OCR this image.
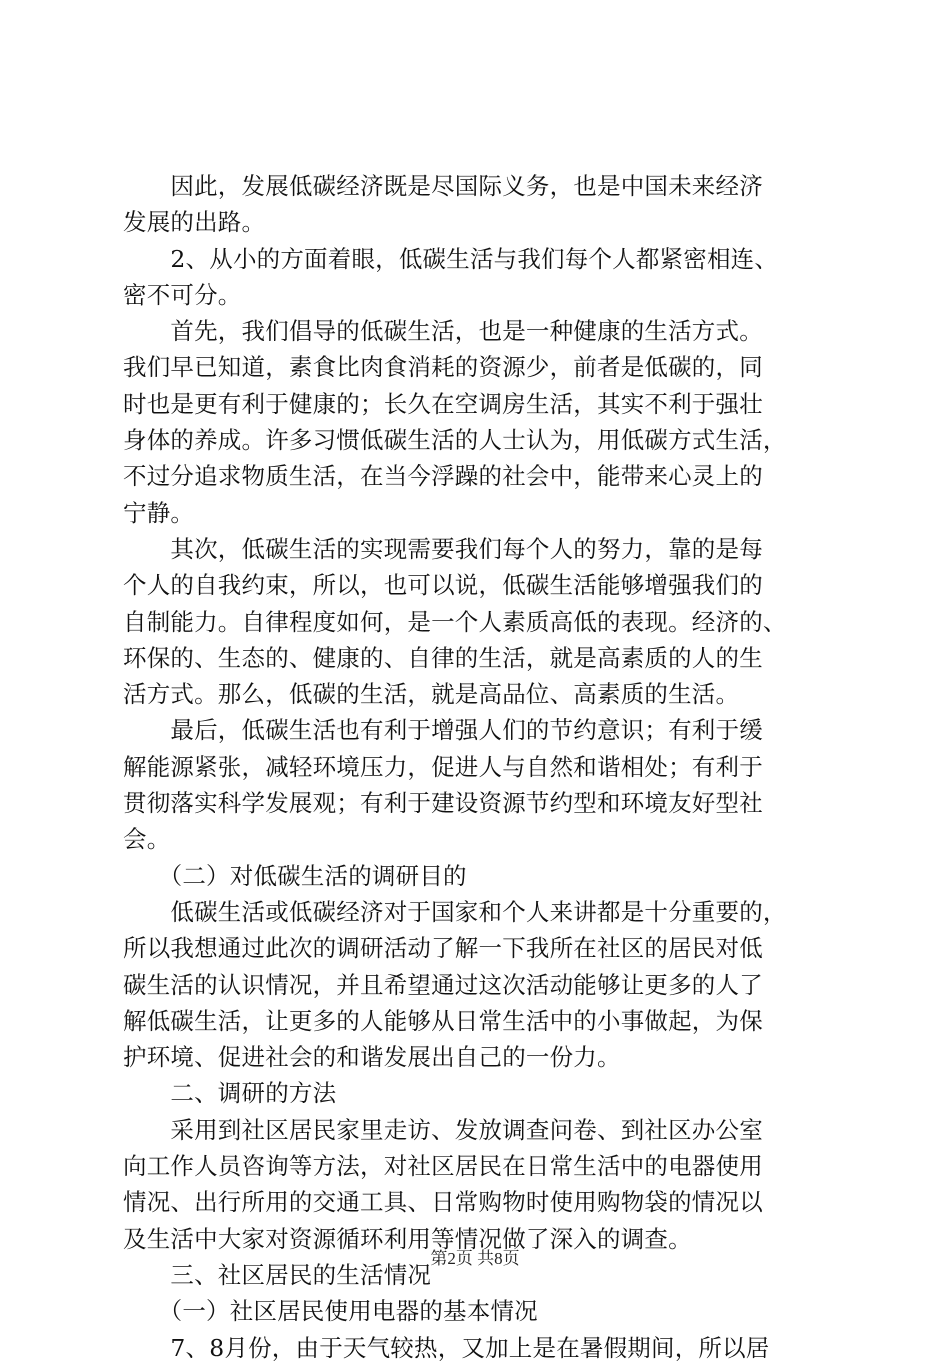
　　因此，发展低碳经济既是尽国际义务，也是中国未来经济
发展的出路。
　　2、从小的方面着眼，低碳生活与我们每个人都紧密相连、
密不可分。
　　首先，我们倡导的低碳生活，也是一种健康的生活方式。
我们早已知道，素食比肉食消耗的资源少，前者是低碳的，同
时也是更有利于健康的；长久在空调房生活，其实不利于强壮
身体的养成。许多习惯低碳生活的人士认为，用低碳方式生活，
不过分追求物质生活，在当今浮躁的社会中，能带来心灵上的
宁静。
　　其次，低碳生活的实现需要我们每个人的努力，靠的是每
个人的自我约束，所以，也可以说，低碳生活能够增强我们的
自制能力。自律程度如何，是一个人素质高低的表现。经济的、
环保的、生态的、健康的、自律的生活，就是高素质的人的生
活方式。那么，低碳的生活，就是高品位、高素质的生活。
　　最后，低碳生活也有利于增强人们的节约意识；有利于缓
解能源紧张，减轻环境压力，促进人与自然和谐相处；有利于
贯彻落实科学发展观；有利于建设资源节约型和环境友好型社
会。
　　（二）对低碳生活的调研目的
　　低碳生活或低碳经济对于国家和个人来讲都是十分重要的，
所以我想通过此次的调研活动了解一下我所在社区的居民对低
碳生活的认识情况，并且希望通过这次活动能够让更多的人了
解低碳生活，让更多的人能够从日常生活中的小事做起，为保
护环境、促进社会的和谐发展出自己的一份力。
　　二、调研的方法
　　采用到社区居民家里走访、发放调查问卷、到社区办公室
向工作人员咨询等方法，对社区居民在日常生活中的电器使用
情况、出行所用的交通工具、日常购物时使用购物袋的情况以
及生活中大家对资源循环利用等情况做了深入的调查。
　　三、社区居民的生活情况
　　（一）社区居民使用电器的基本情况
　　7、8月份，由于天气较热，又加上是在暑假期间，所以居
第2页 共8页
